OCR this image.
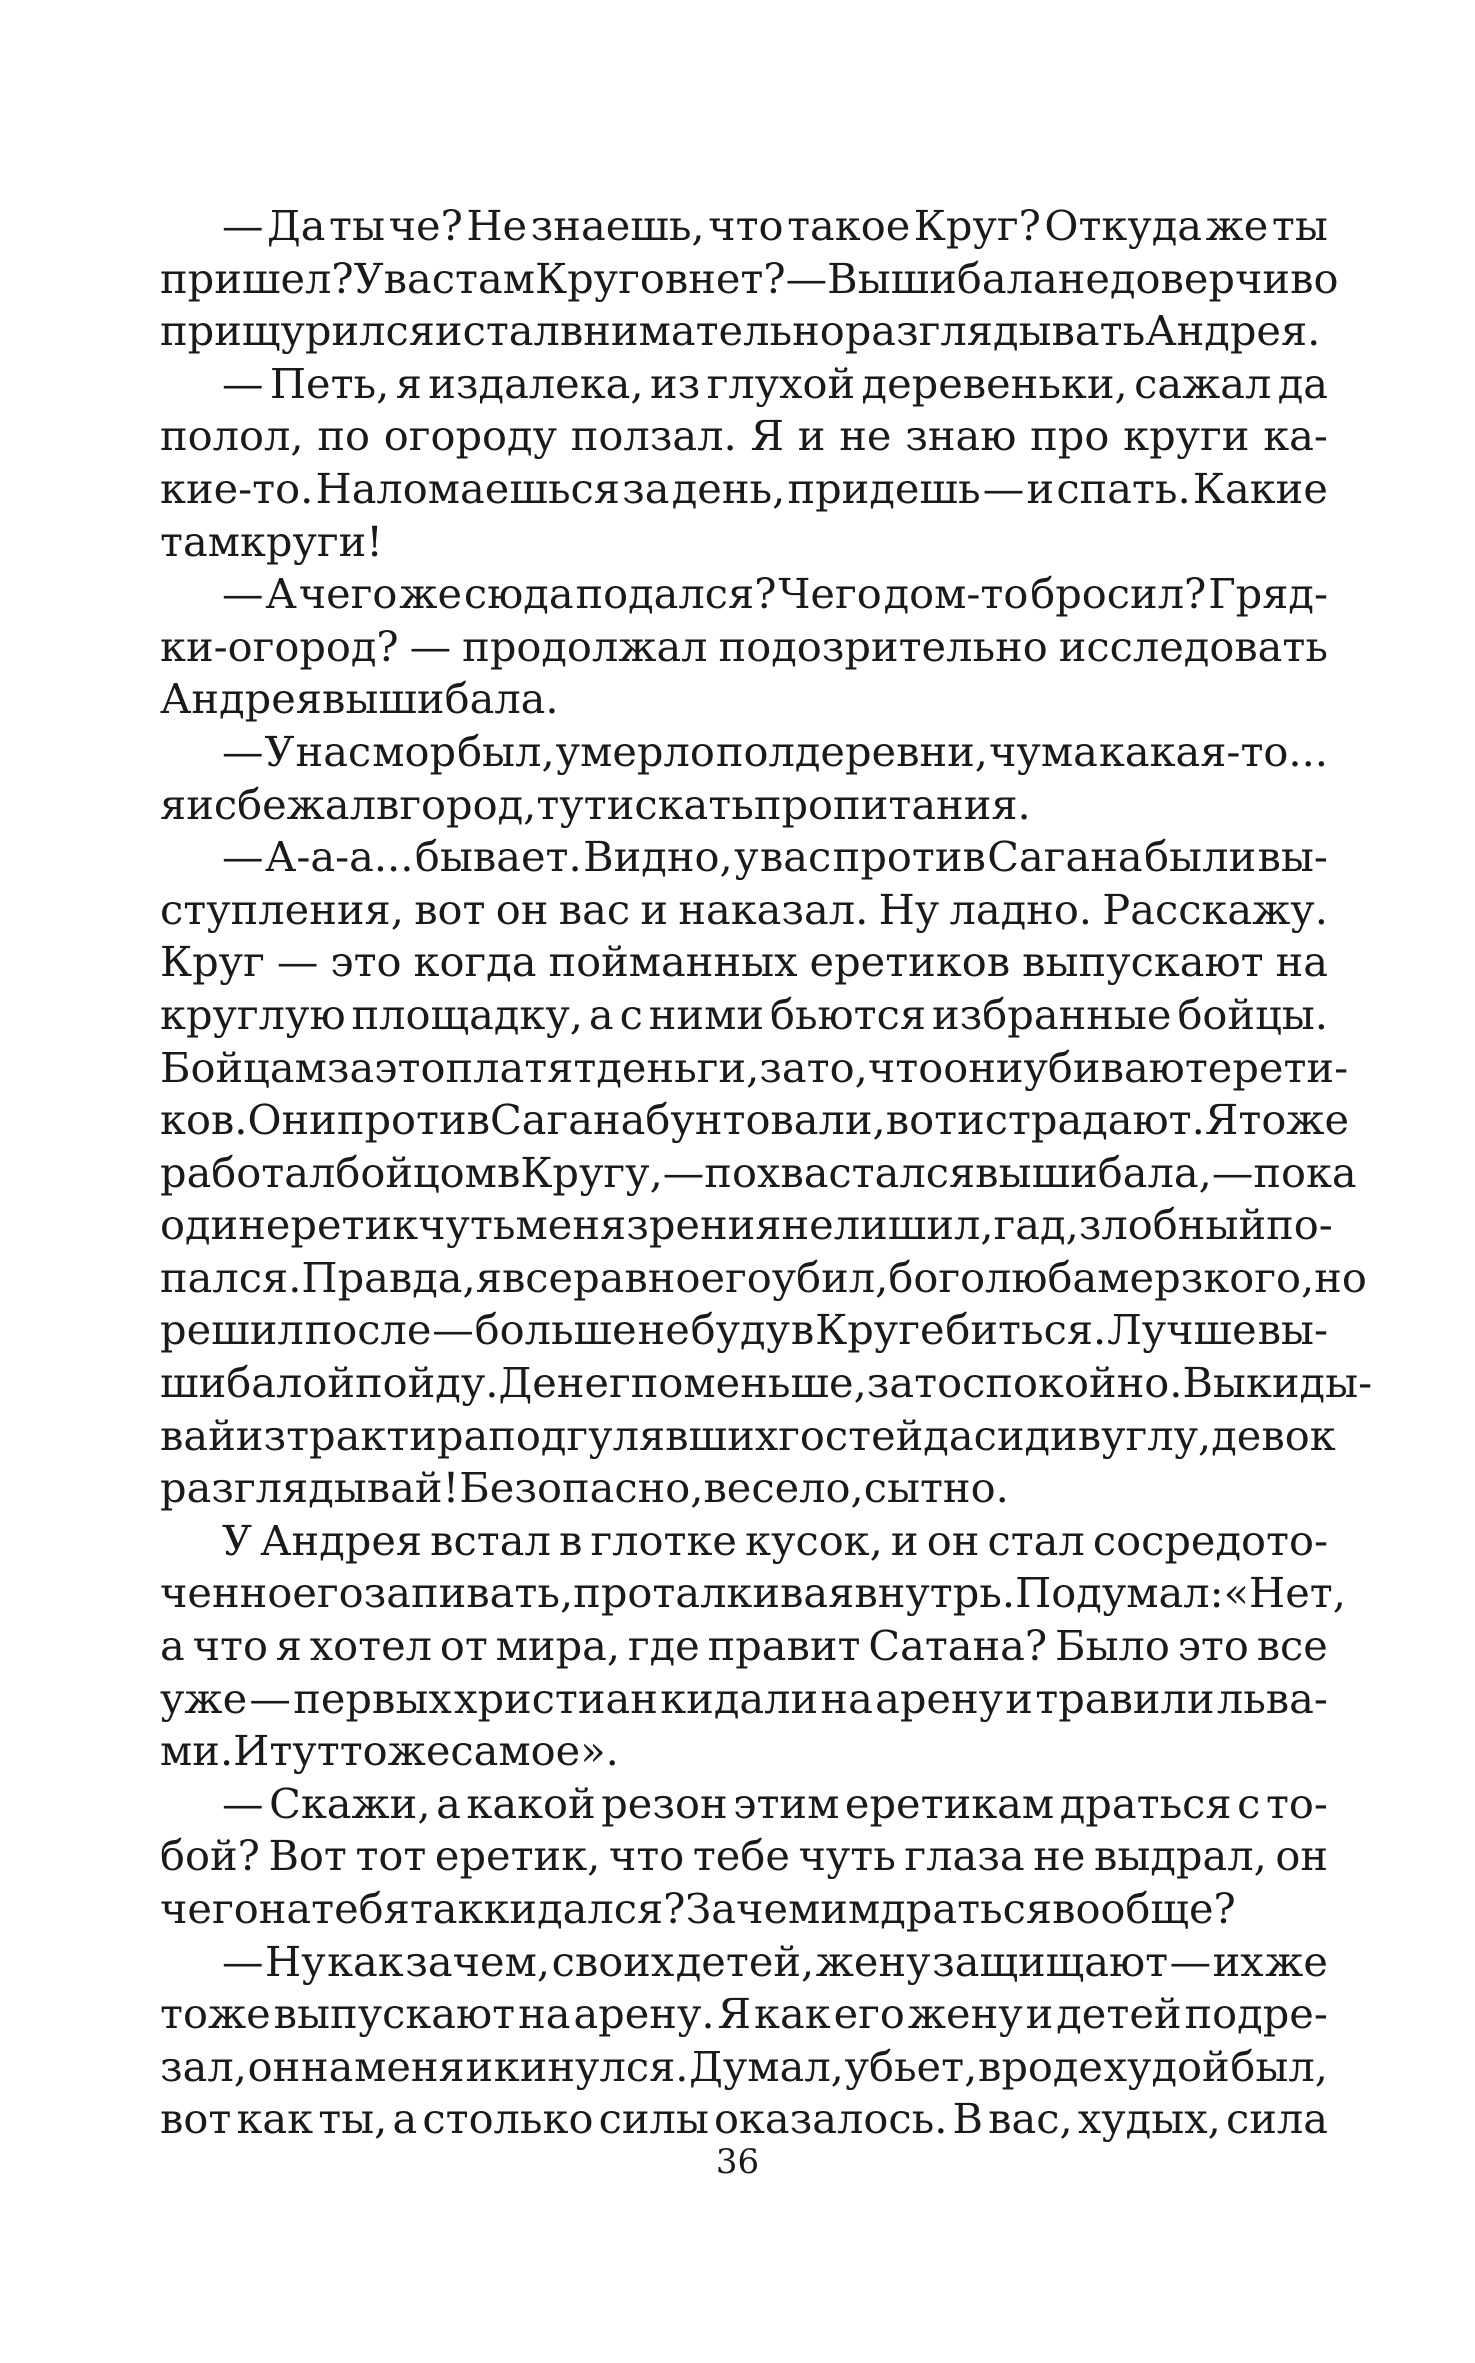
— Да ты че? Не знаешь, что такое Круг? Откуда же ты
пришел? У вас там Кругов нет? — Вышибала недоверчиво
прищурился и стал внимательно разглядывать Андрея.
— Петь, я издалека, из глухой деревеньки, сажал да
полол, по огороду ползал. Я и не знаю про круги ка-
кие-то. Наломаешься за день, придешь — и спать. Какие
там круги!
— А чего же сюда подался? Чего дом-то бросил? Гряд-
ки-огород? — продолжал подозрительно исследовать
Андрея вышибала.
— У нас мор был, умерло полдеревни, чума какая-то...
я и сбежал в город, тут искать пропитания.
— А-а-а... бывает. Видно, у вас против Сагана были вы-
ступления, вот он вас и наказал. Ну ладно. Расскажу.
Круг — это когда пойманных еретиков выпускают на
круглую площадку, а с ними бьются избранные бойцы.
Бойцам за это платят деньги, за то, что они убивают ерети-
ков. Они против Сагана бунтовали, вот и страдают. Я тоже
работал бойцом в Кругу, — похвастался вышибала, — пока
один еретик чуть меня зрения не лишил, гад, злобный по-
пался. Правда, я все равно его убил, боголюба мерзкого, но
решил после — больше не буду в Круге биться. Лучше вы-
шибалой пойду. Денег поменьше, зато спокойно. Выкиды-
вай из трактира подгулявших гостей да сиди в углу, девок
разглядывай! Безопасно, весело, сытно.
У Андрея встал в глотке кусок, и он стал сосредото-
ченно его запивать, проталкивая внутрь. Подумал: «Нет,
а что я хотел от мира, где правит Сатана? Было это все
уже — первых христиан кидали на арену и травили льва-
ми. И тут то же самое».
— Скажи, а какой резон этим еретикам драться с то-
бой? Вот тот еретик, что тебе чуть глаза не выдрал, он
чего на тебя так кидался? Зачем им драться вообще?
— Ну как зачем, своих детей, жену защищают — их же
тоже выпускают на арену. Я как его жену и детей подре-
зал, он на меня и кинулся. Думал, убьет, вроде худой был,
вот как ты, а столько силы оказалось. В вас, худых, сила
36
